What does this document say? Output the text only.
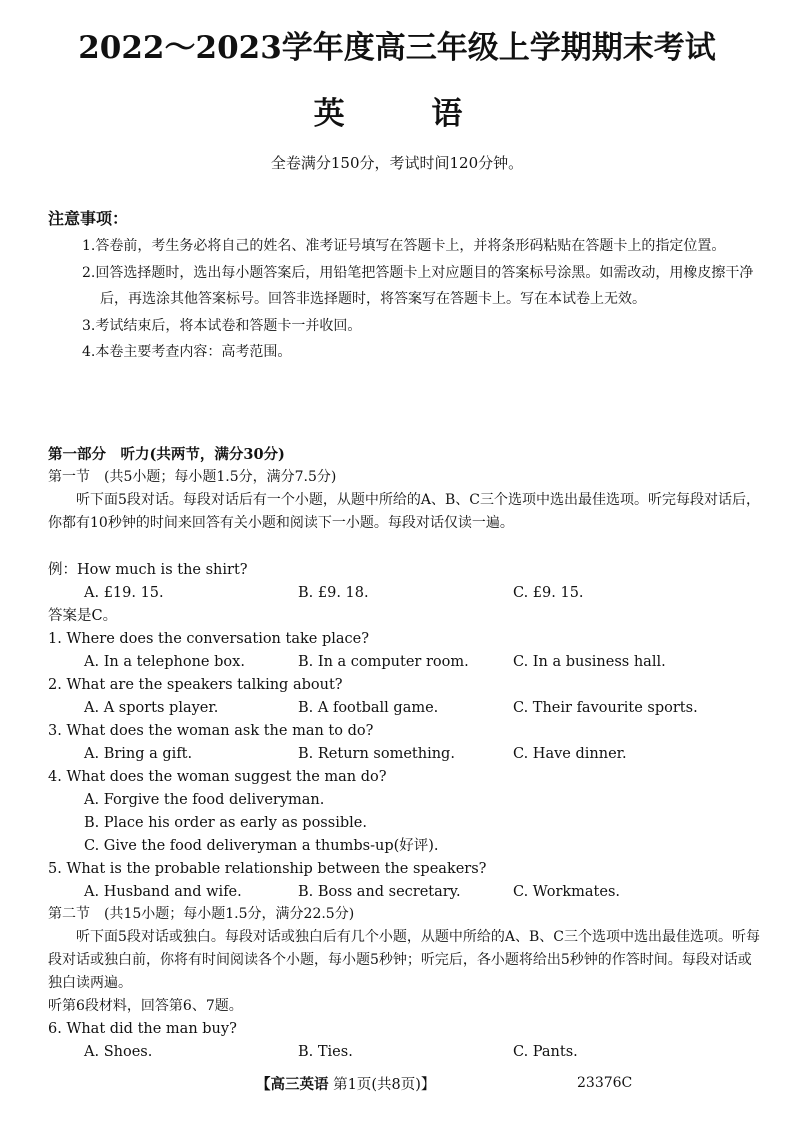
2022～2023学年度高三年级上学期期末考试
英 语
全卷满分150分，考试时间120分钟。
注意事项：
1.答卷前，考生务必将自己的姓名、准考证号填写在答题卡上，并将条形码粘贴在答题卡上的指定位置。
2.回答选择题时，选出每小题答案后，用铅笔把答题卡上对应题目的答案标号涂黑。如需改动，用橡皮擦干净后，再选涂其他答案标号。回答非选择题时，将答案写在答题卡上。写在本试卷上无效。
3.考试结束后，将本试卷和答题卡一并收回。
4.本卷主要考查内容：高考范围。
第一部分　听力(共两节，满分30分)
第一节　(共5小题；每小题1.5分，满分7.5分)
听下面5段对话。每段对话后有一个小题，从题中所给的A、B、C三个选项中选出最佳选项。听完每段对话后，你都有10秒钟的时间来回答有关小题和阅读下一小题。每段对话仅读一遍。
例：How much is the shirt?
A. £19. 15.	B. £9. 18.	C. £9. 15.
答案是C。
1. Where does the conversation take place?
A. In a telephone box.	B. In a computer room.	C. In a business hall.
2. What are the speakers talking about?
A. A sports player.	B. A football game.	C. Their favourite sports.
3. What does the woman ask the man to do?
A. Bring a gift.	B. Return something.	C. Have dinner.
4. What does the woman suggest the man do?
A. Forgive the food deliveryman.
B. Place his order as early as possible.
C. Give the food deliveryman a thumbs-up(好评).
5. What is the probable relationship between the speakers?
A. Husband and wife.	B. Boss and secretary.	C. Workmates.
第二节　(共15小题；每小题1.5分，满分22.5分)
听下面5段对话或独白。每段对话或独白后有几个小题，从题中所给的A、B、C三个选项中选出最佳选项。听每段对话或独白前，你将有时间阅读各个小题，每小题5秒钟；听完后，各小题将给出5秒钟的作答时间。每段对话或独白读两遍。
听第6段材料，回答第6、7题。
6. What did the man buy?
A. Shoes.	B. Ties.	C. Pants.
【高三英语 第1页(共8页)】	23376C
